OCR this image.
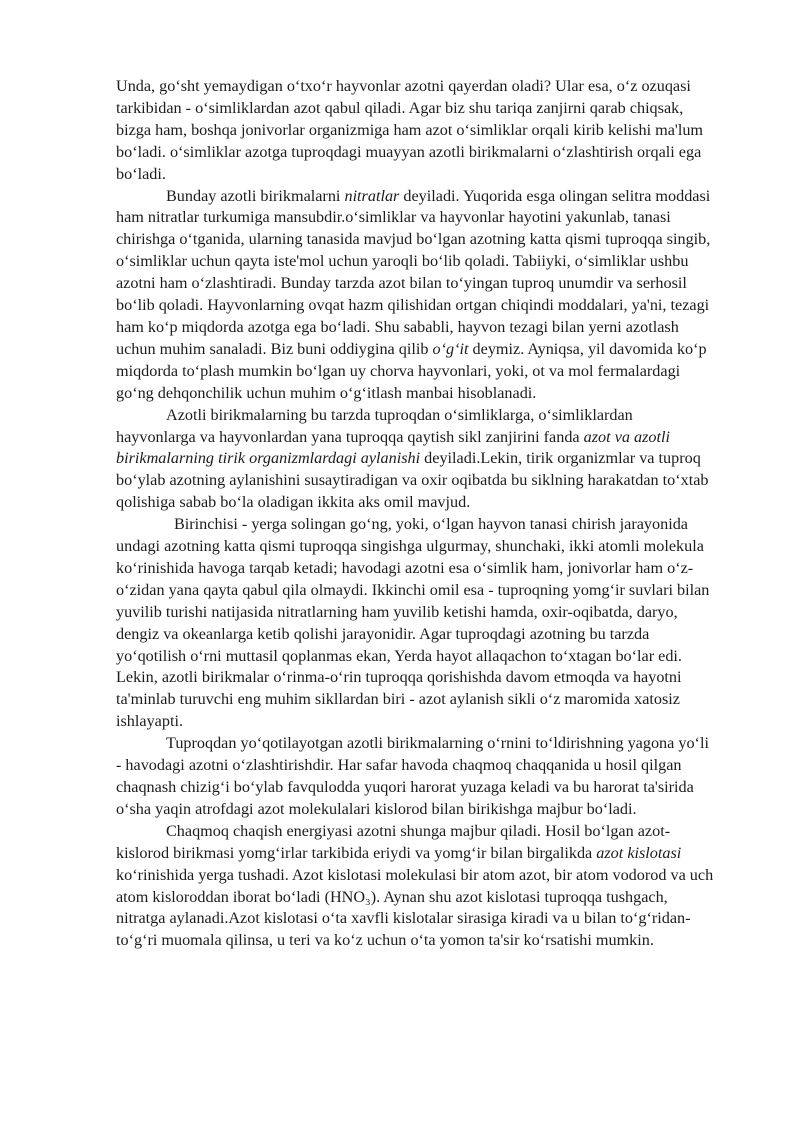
Unda, go‘sht yemaydigan o‘txo‘r hayvonlar azotni qayerdan oladi? Ular esa, o‘z ozuqasi tarkibidan - o‘simliklardan azot qabul qiladi. Agar biz shu tariqa zanjirni qarab chiqsak, bizga ham, boshqa jonivorlar organizmiga ham azot o‘simliklar orqali kirib kelishi ma'lum bo‘ladi. o‘simliklar azotga tuproqdagi muayyan azotli birikmalarni o‘zlashtirish orqali ega bo‘ladi.

Bunday azotli birikmalarni nitratlar deyiladi. Yuqorida esga olingan selitra moddasi ham nitratlar turkumiga mansubdir.o‘simliklar va hayvonlar hayotini yakunlab, tanasi chirishga o‘tganida, ularning tanasida mavjud bo‘lgan azotning katta qismi tuproqqa singib, o‘simliklar uchun qayta iste'mol uchun yaroqli bo‘lib qoladi. Tabiiyki, o‘simliklar ushbu azotni ham o‘zlashtiradi. Bunday tarzda azot bilan to‘yingan tuproq unumdir va serhosil bo‘lib qoladi. Hayvonlarning ovqat hazm qilishidan ortgan chiqindi moddalari, ya'ni, tezagi ham ko‘p miqdorda azotga ega bo‘ladi. Shu sababli, hayvon tezagi bilan yerni azotlash uchun muhim sanaladi. Biz buni oddiygina qilib o‘g‘it deymiz. Ayniqsa, yil davomida ko‘p miqdorda to‘plash mumkin bo‘lgan uy chorva hayvonlari, yoki, ot va mol fermalardagi go‘ng dehqonchilik uchun muhim o‘g‘itlash manbai hisoblanadi.

Azotli birikmalarning bu tarzda tuproqdan o‘simliklarga, o‘simliklardan hayvonlarga va hayvonlardan yana tuproqqa qaytish sikl zanjirini fanda azot va azotli birikmalarning tirik organizmlardagi aylanishi deyiladi.Lekin, tirik organizmlar va tuproq bo‘ylab azotning aylanishini susaytiradigan va oxir oqibatda bu siklning harakatdan to‘xtab qolishiga sabab bo‘la oladigan ikkita aks omil mavjud.

Birinchisi - yerga solingan go‘ng, yoki, o‘lgan hayvon tanasi chirish jarayonida undagi azotning katta qismi tuproqqa singishga ulgurmay, shunchaki, ikki atomli molekula ko‘rinishida havoga tarqab ketadi; havodagi azotni esa o‘simlik ham, jonivorlar ham o‘z-o‘zidan yana qayta qabul qila olmaydi. Ikkinchi omil esa - tuproqning yomg‘ir suvlari bilan yuvilib turishi natijasida nitratlarning ham yuvilib ketishi hamda, oxir-oqibatda, daryo, dengiz va okeanlarga ketib qolishi jarayonidir. Agar tuproqdagi azotning bu tarzda yo‘qotilish o‘rni muttasil qoplanmas ekan, Yerda hayot allaqachon to‘xtagan bo‘lar edi. Lekin, azotli birikmalar o‘rinma-o‘rin tuproqqa qorishishda davom etmoqda va hayotni ta'minlab turuvchi eng muhim sikllardan biri - azot aylanish sikli o‘z maromida xatosiz ishlayapti.

Tuproqdan yo‘qotilayotgan azotli birikmalarning o‘rnini to‘ldirishning yagona yo‘li - havodagi azotni o‘zlashtirishdir. Har safar havoda chaqmoq chaqqanida u hosil qilgan chaqnash chizig‘i bo‘ylab favqulodda yuqori harorat yuzaga keladi va bu harorat ta'sirida o‘sha yaqin atrofdagi azot molekulalari kislorod bilan birikishga majbur bo‘ladi.

Chaqmoq chaqish energiyasi azotni shunga majbur qiladi. Hosil bo‘lgan azot-kislorod birikmasi yomg‘irlar tarkibida eriydi va yomg‘ir bilan birgalikda azot kislotasi ko‘rinishida yerga tushadi. Azot kislotasi molekulasi bir atom azot, bir atom vodorod va uch atom kisloroddan iborat bo‘ladi (HNO₃). Aynan shu azot kislotasi tuproqqa tushgach, nitratga aylanadi.Azot kislotasi o‘ta xavfli kislotalar sirasiga kiradi va u bilan to‘g‘ridan-to‘g‘ri muomala qilinsa, u teri va ko‘z uchun o‘ta yomon ta'sir ko‘rsatishi mumkin.
